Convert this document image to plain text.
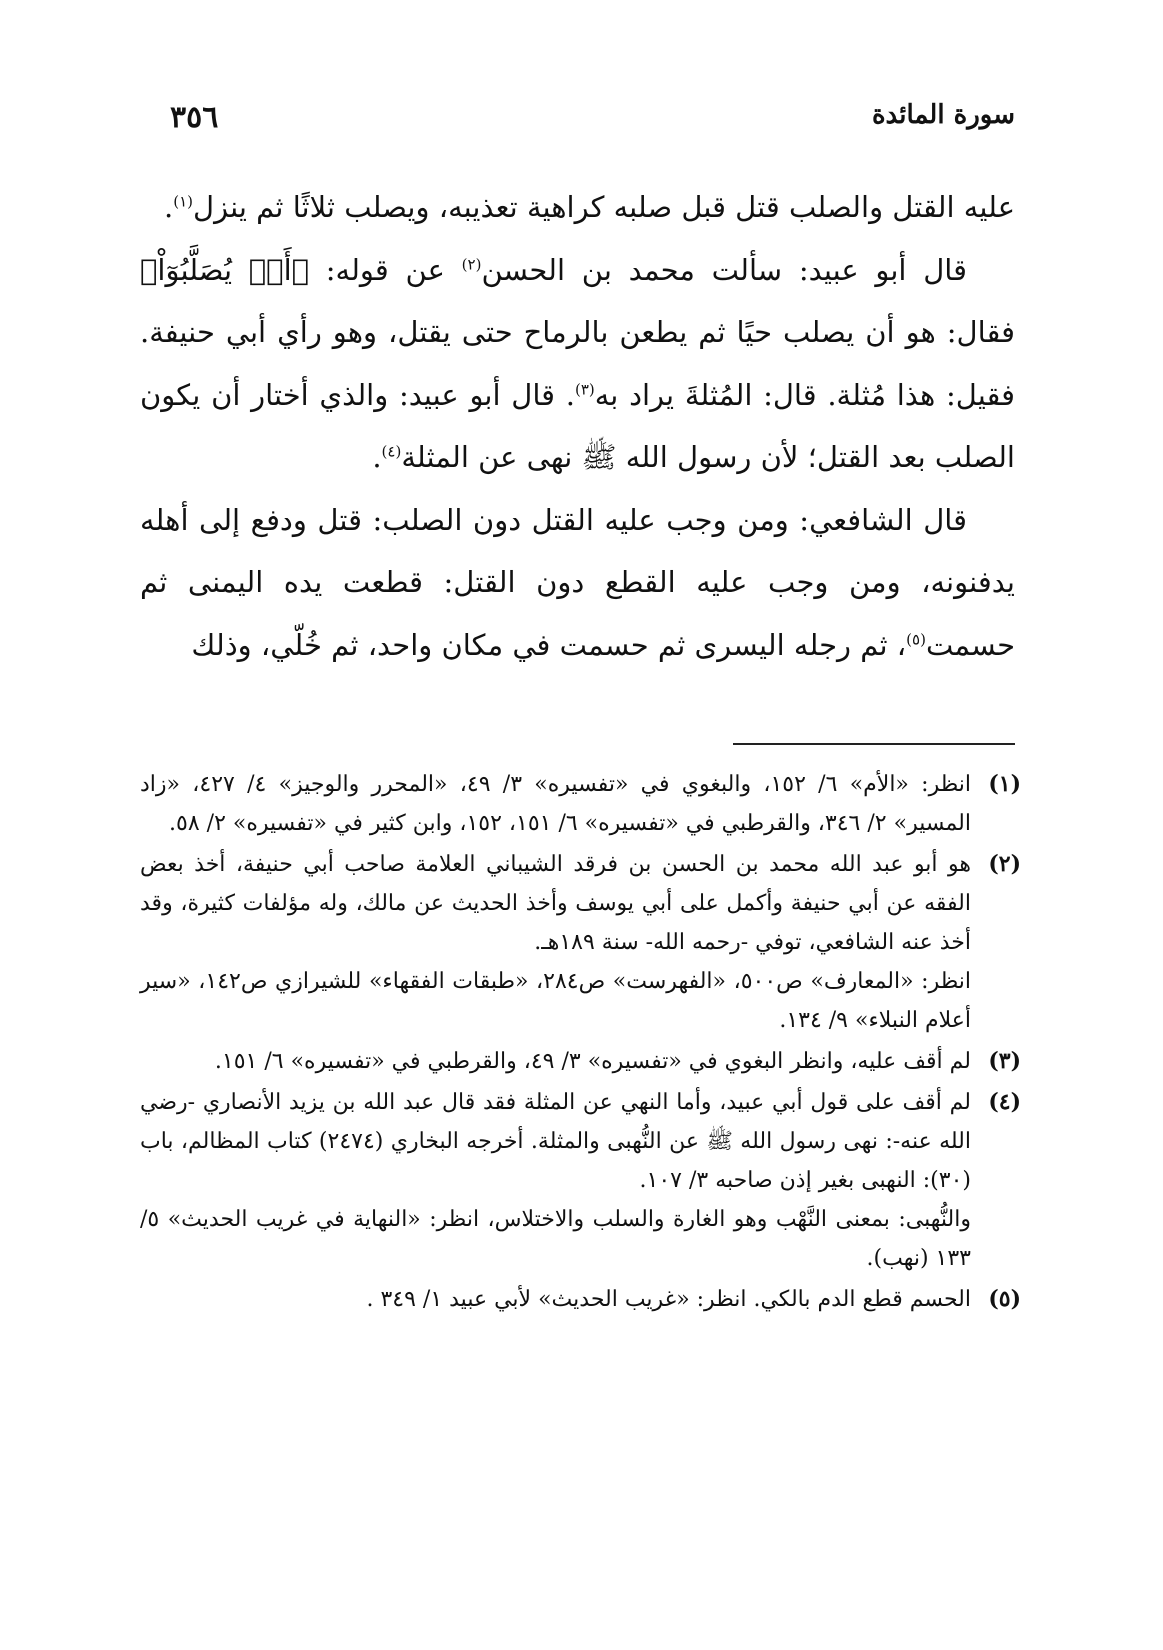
٣٥٦	سورة المائدة

عليه القتل والصلب قتل قبل صلبه كراهية تعذيبه، ويصلب ثلاثًا ثم ينزل$^{(١)}$.

قال أبو عبيد: سألت محمد بن الحسن$^{(٢)}$ عن قوله: ﴿أَوۡ يُصَلَّبُوٓاْ﴾ فقال: هو أن يصلب حيًا ثم يطعن بالرماح حتى يقتل، وهو رأي أبي حنيفة. فقيل: هذا مُثلة. قال: المُثلةَ يراد به$^{(٣)}$. قال أبو عبيد: والذي أختار أن يكون الصلب بعد القتل؛ لأن رسول الله ﷺ نهى عن المثلة$^{(٤)}$.

قال الشافعي: ومن وجب عليه القتل دون الصلب: قتل ودفع إلى أهله يدفنونه، ومن وجب عليه القطع دون القتل: قطعت يده اليمنى ثم حسمت$^{(٥)}$، ثم رجله اليسرى ثم حسمت في مكان واحد، ثم خُلّي، وذلك

(١)

انظر: «الأم» ٦/ ١٥٢، والبغوي في «تفسيره» ٣/ ٤٩، «المحرر والوجيز» ٤/ ٤٢٧، «زاد المسير» ٢/ ٣٤٦، والقرطبي في «تفسيره» ٦/ ١٥١، ١٥٢، وابن كثير في «تفسيره» ٢/ ٥٨.

(٢)

هو أبو عبد الله محمد بن الحسن بن فرقد الشيباني العلامة صاحب أبي حنيفة، أخذ بعض الفقه عن أبي حنيفة وأكمل على أبي يوسف وأخذ الحديث عن مالك، وله مؤلفات كثيرة، وقد أخذ عنه الشافعي، توفي -رحمه الله- سنة ١٨٩هـ.

انظر: «المعارف» ص٥٠٠، «الفهرست» ص٢٨٤، «طبقات الفقهاء» للشيرازي ص١٤٢، «سير أعلام النبلاء» ٩/ ١٣٤.

(٣)

لم أقف عليه، وانظر البغوي في «تفسيره» ٣/ ٤٩، والقرطبي في «تفسيره» ٦/ ١٥١.

(٤)

لم أقف على قول أبي عبيد، وأما النهي عن المثلة فقد قال عبد الله بن يزيد الأنصاري -رضي الله عنه-: نهى رسول الله ﷺ عن النُّهبى والمثلة. أخرجه البخاري (٢٤٧٤) كتاب المظالم، باب (٣٠): النهبى بغير إذن صاحبه ٣/ ١٠٧.

والنُّهبى: بمعنى النَّهْب وهو الغارة والسلب والاختلاس، انظر: «النهاية في غريب الحديث» ٥/ ١٣٣ (نهب).

(٥)

الحسم قطع الدم بالكي. انظر: «غريب الحديث» لأبي عبيد ١/ ٣٤٩ .
